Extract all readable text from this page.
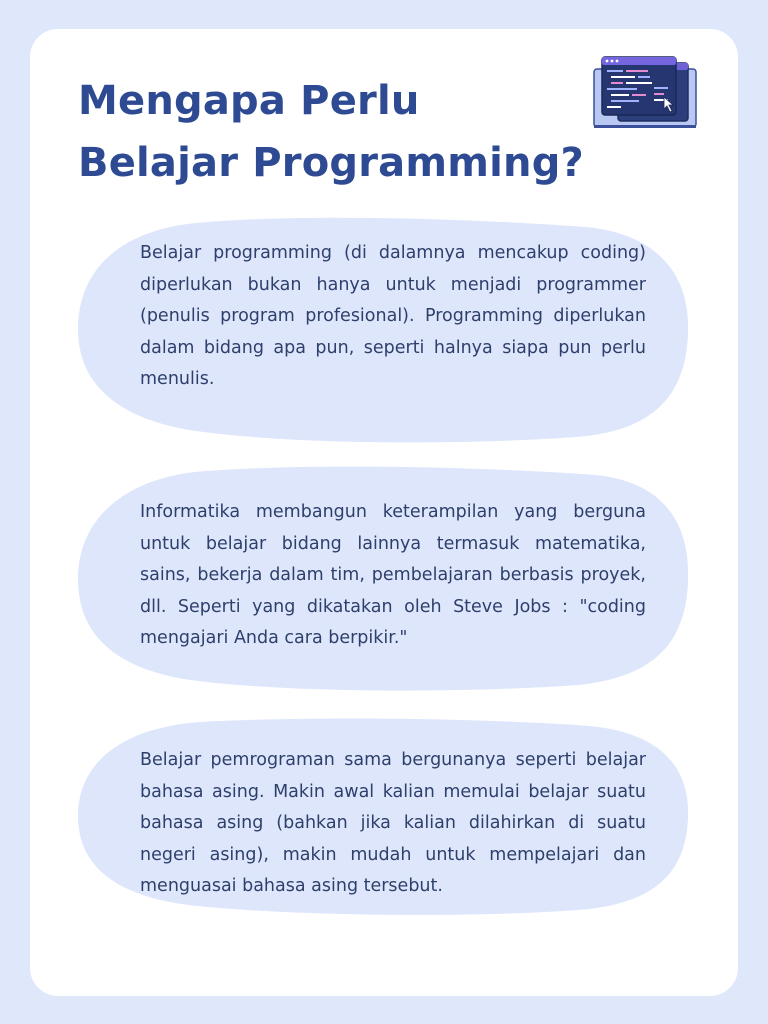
Mengapa Perlu
Belajar Programming?

Belajar programming (di dalamnya mencakup coding) diperlukan bukan hanya untuk menjadi programmer (penulis program profesional). Programming diperlukan dalam bidang apa pun, seperti halnya siapa pun perlu menulis.

Informatika membangun keterampilan yang berguna untuk belajar bidang lainnya termasuk matematika, sains, bekerja dalam tim, pembelajaran berbasis proyek, dll. Seperti yang dikatakan oleh Steve Jobs : "coding mengajari Anda cara berpikir."

Belajar pemrograman sama bergunanya seperti belajar bahasa asing. Makin awal kalian memulai belajar suatu bahasa asing (bahkan jika kalian dilahirkan di suatu negeri asing), makin mudah untuk mempelajari dan menguasai bahasa asing tersebut.
